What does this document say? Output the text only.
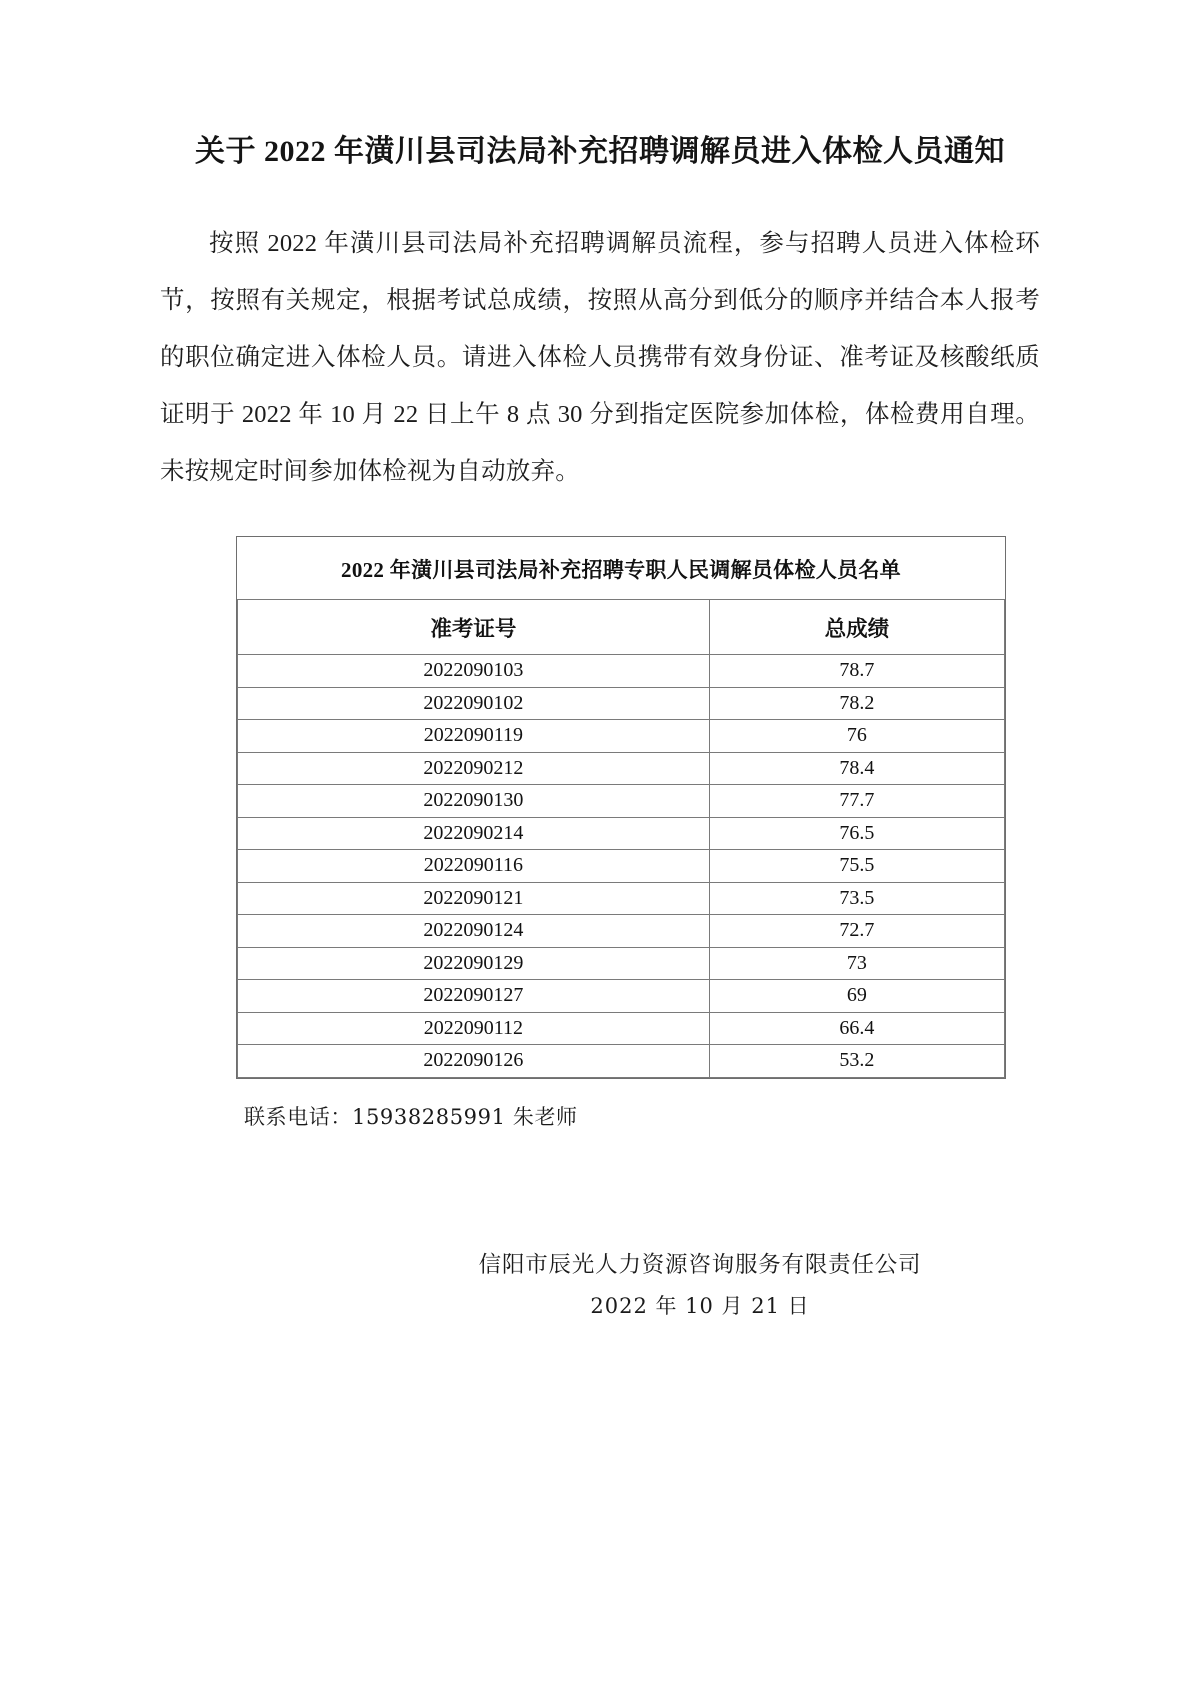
关于 2022 年潢川县司法局补充招聘调解员进入体检人员通知

按照 2022 年潢川县司法局补充招聘调解员流程，参与招聘人员进入体检环节，按照有关规定，根据考试总成绩，按照从高分到低分的顺序并结合本人报考的职位确定进入体检人员。请进入体检人员携带有效身份证、准考证及核酸纸质证明于 2022 年 10 月 22 日上午 8 点 30 分到指定医院参加体检，体检费用自理。未按规定时间参加体检视为自动放弃。

2022 年潢川县司法局补充招聘专职人民调解员体检人员名单
准考证号	总成绩
2022090103	78.7
2022090102	78.2
2022090119	76
2022090212	78.4
2022090130	77.7
2022090214	76.5
2022090116	75.5
2022090121	73.5
2022090124	72.7
2022090129	73
2022090127	69
2022090112	66.4
2022090126	53.2
联系电话：15938285991 朱老师
信阳市辰光人力资源咨询服务有限责任公司
2022 年 10 月 21 日
